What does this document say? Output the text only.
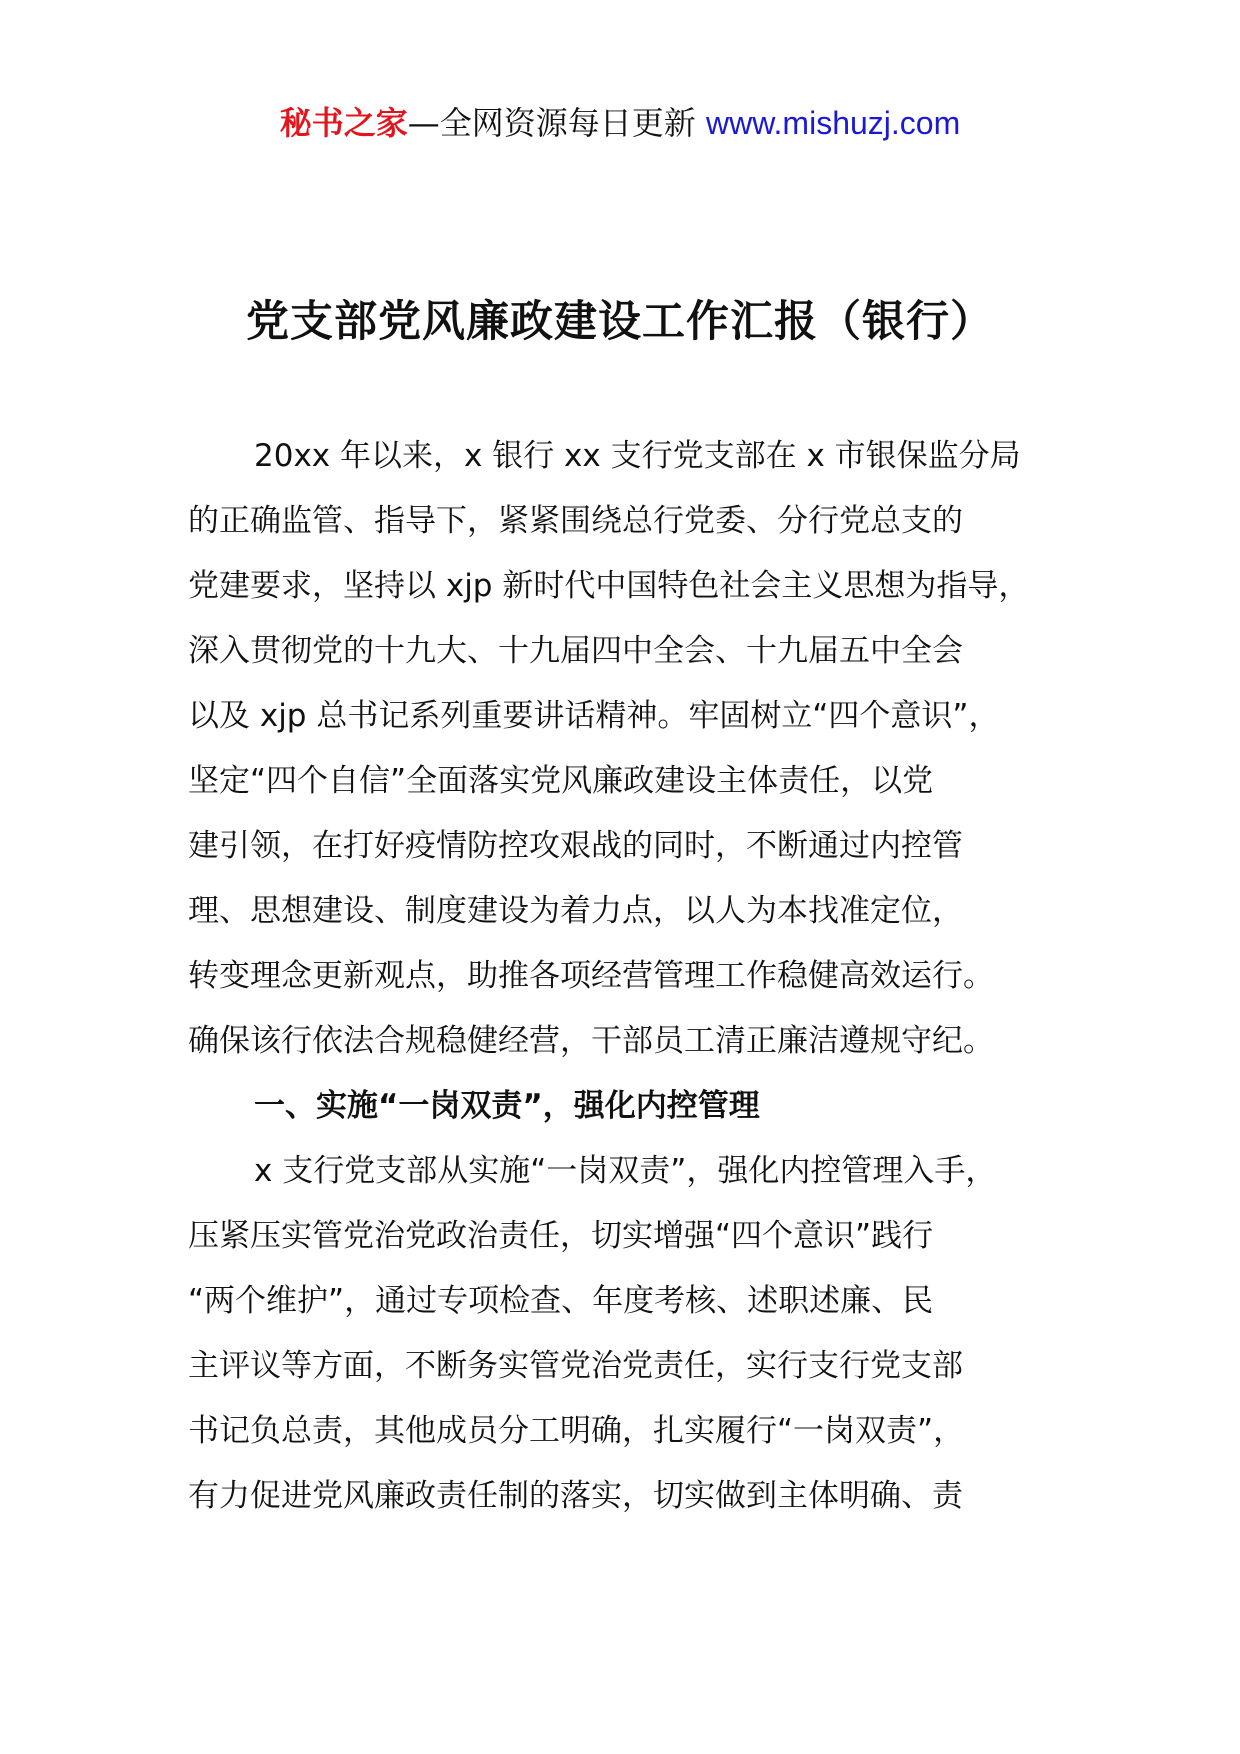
秘书之家—全网资源每日更新 www.mishuzj.com
党支部党风廉政建设工作汇报（银行）
20xx 年以来，x 银行 xx 支行党支部在 x 市银保监分局
的正确监管、指导下，紧紧围绕总行党委、分行党总支的
党建要求，坚持以 xjp 新时代中国特色社会主义思想为指导，
深入贯彻党的十九大、十九届四中全会、十九届五中全会
以及 xjp 总书记系列重要讲话精神。牢固树立“四个意识”，
坚定“四个自信”全面落实党风廉政建设主体责任，以党
建引领，在打好疫情防控攻艰战的同时，不断通过内控管
理、思想建设、制度建设为着力点，以人为本找准定位，
转变理念更新观点，助推各项经营管理工作稳健高效运行。
确保该行依法合规稳健经营，干部员工清正廉洁遵规守纪。
一、实施“一岗双责”，强化内控管理
x 支行党支部从实施“一岗双责”，强化内控管理入手，
压紧压实管党治党政治责任，切实增强“四个意识”践行
“两个维护”，通过专项检查、年度考核、述职述廉、民
主评议等方面，不断务实管党治党责任，实行支行党支部
书记负总责，其他成员分工明确，扎实履行“一岗双责”，
有力促进党风廉政责任制的落实，切实做到主体明确、责
